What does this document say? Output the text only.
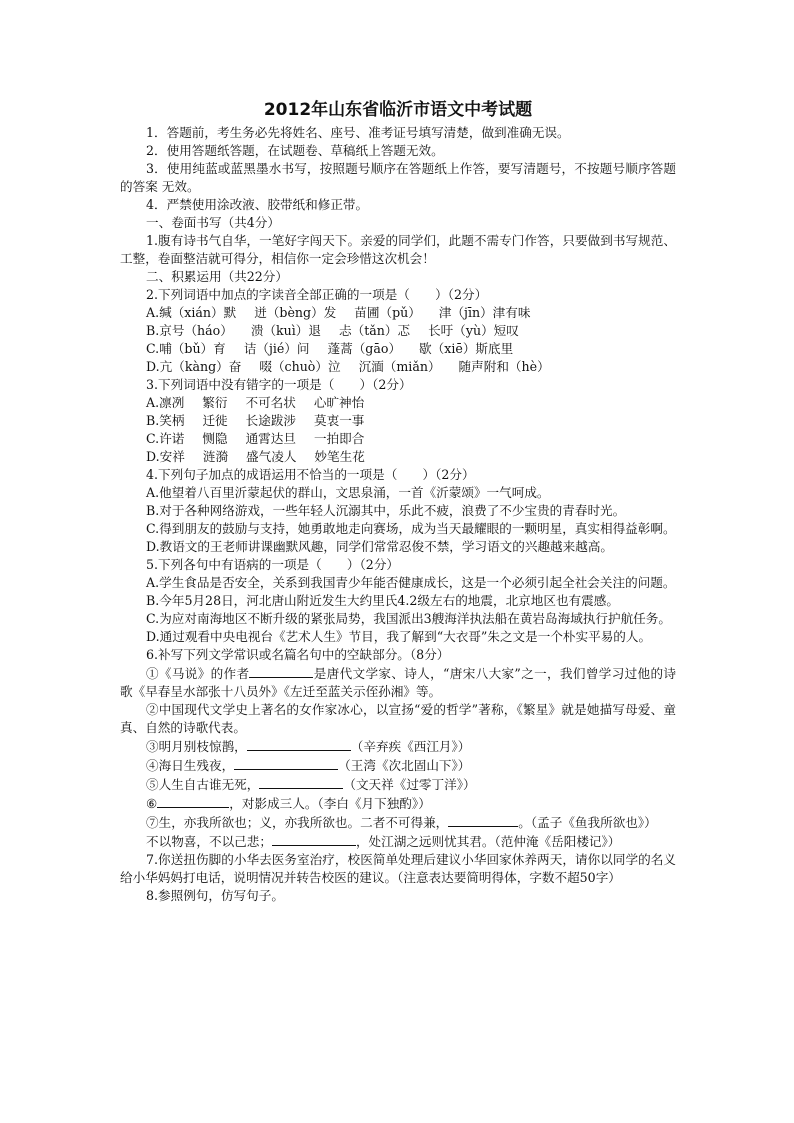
2012年山东省临沂市语文中考试题
1．答题前，考生务必先将姓名、座号、准考证号填写清楚，做到准确无误。
2．使用答题纸答题，在试题卷、草稿纸上答题无效。
3．使用纯蓝或蓝黑墨水书写，按照题号顺序在答题纸上作答，要写清题号，不按题号顺序答题的答案 无效。
4．严禁使用涂改液、胶带纸和修正带。
一、卷面书写（共4分）
1.腹有诗书气自华，一笔好字闯天下。亲爱的同学们，此题不需专门作答，只要做到书写规范、工整，卷面整洁就可得分，相信你一定会珍惜这次机会！
二、积累运用（共22分）
2.下列词语中加点的字读音全部正确的一项是（　　）（2分）
A.缄（xián）默 迸（bèng）发 苗圃（pǔ） 津（jīn）津有味
B.京号（háo） 溃（kuì）退 忐（tǎn）忑 长吁（yù）短叹
C.哺（bǔ）育 诘（jié）问 蓬蒿（gāo） 歇（xiē）斯底里
D.亢（kàng）奋 啜（chuò）泣 沉湎（miǎn） 随声附和（hè）
3.下列词语中没有错字的一项是（　　）（2分）
A.凛冽 繁衍 不可名状 心旷神怡
B.笑柄 迁徙 长途跋涉 莫衷一事
C.许诺 恻隐 通霄达旦 一拍即合
D.安祥 涟漪 盛气凌人 妙笔生花
4.下列句子加点的成语运用不恰当的一项是（　　）（2分）
A.他望着八百里沂蒙起伏的群山，文思泉涌，一首《沂蒙颂》一气呵成。
B.对于各种网络游戏，一些年轻人沉溺其中，乐此不疲，浪费了不少宝贵的青春时光。
C.得到朋友的鼓励与支持，她勇敢地走向赛场，成为当天最耀眼的一颗明星，真实相得益彰啊。
D.教语文的王老师讲课幽默风趣，同学们常常忍俊不禁，学习语文的兴趣越来越高。
5.下列各句中有语病的一项是（　　）（2分）
A.学生食品是否安全，关系到我国青少年能否健康成长，这是一个必须引起全社会关注的问题。
B.今年5月28日，河北唐山附近发生大约里氏4.2级左右的地震，北京地区也有震感。
C.为应对南海地区不断升级的紧张局势，我国派出3艘海洋执法船在黄岩岛海域执行护航任务。
D.通过观看中央电视台《艺术人生》节目，我了解到“大衣哥”朱之文是一个朴实平易的人。
6.补写下列文学常识或名篇名句中的空缺部分。（8分）
①《马说》的作者	是唐代文学家、诗人，“唐宋八大家”之一，我们曾学习过他的诗歌《早春呈水部张十八员外》《左迁至蓝关示侄孙湘》等。
②中国现代文学史上著名的女作家冰心，以宣扬“爱的哲学”著称，《繁星》就是她描写母爱、童真、自然的诗歌代表。
③明月别枝惊鹊，	（辛弃疾《西江月》）
④海日生残夜，	（王湾《次北固山下》）
⑤人生自古谁无死，	（文天祥《过零丁洋》）
⑥	，对影成三人。（李白《月下独酌》）
⑦生，亦我所欲也；义，亦我所欲也。二者不可得兼，	。（孟子《鱼我所欲也》）
不以物喜，不以己悲；	，处江湖之远则忧其君。（范仲淹《岳阳楼记》）
7.你送扭伤脚的小华去医务室治疗，校医简单处理后建议小华回家休养两天，请你以同学的名义给小华妈妈打电话，说明情况并转告校医的建议。（注意表达要简明得体，字数不超50字）
8.参照例句，仿写句子。
